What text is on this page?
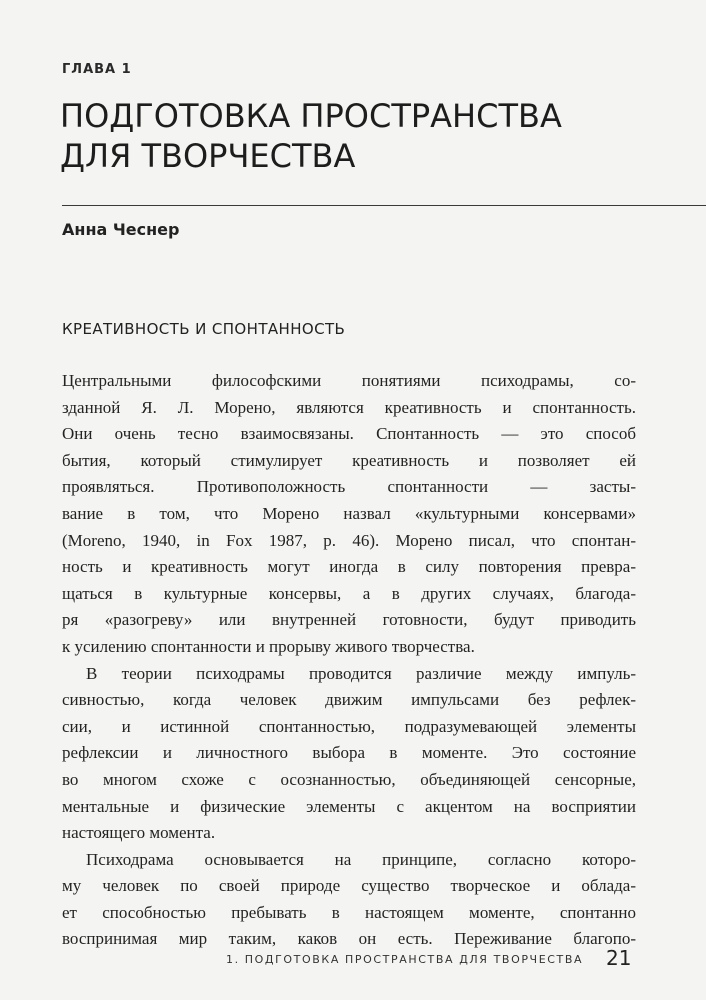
ГЛАВА 1
ПОДГОТОВКА ПРОСТРАНСТВА
ДЛЯ ТВОРЧЕСТВА
Анна Чеснер
КРЕАТИВНОСТЬ И СПОНТАННОСТЬ
Центральными философскими понятиями психодрамы, со-
зданной Я. Л. Морено, являются креативность и спонтанность.
Они очень тесно взаимосвязаны. Спонтанность — это способ
бытия, который стимулирует креативность и позволяет ей
проявляться. Противоположность спонтанности — засты-
вание в том, что Морено назвал «культурными консервами»
(Moreno, 1940, in Fox 1987, p. 46). Морено писал, что спонтан-
ность и креативность могут иногда в силу повторения превра-
щаться в культурные консервы, а в других случаях, благода-
ря «разогреву» или внутренней готовности, будут приводить
к усилению спонтанности и прорыву живого творчества.
В теории психодрамы проводится различие между импуль-
сивностью, когда человек движим импульсами без рефлек-
сии, и истинной спонтанностью, подразумевающей элементы
рефлексии и личностного выбора в моменте. Это состояние
во многом схоже с осознанностью, объединяющей сенсорные,
ментальные и физические элементы с акцентом на восприятии
настоящего момента.
Психодрама основывается на принципе, согласно которо-
му человек по своей природе существо творческое и облада-
ет способностью пребывать в настоящем моменте, спонтанно
воспринимая мир таким, каков он есть. Переживание благопо-
1. ПОДГОТОВКА ПРОСТРАНСТВА ДЛЯ ТВОРЧЕСТВА 21
